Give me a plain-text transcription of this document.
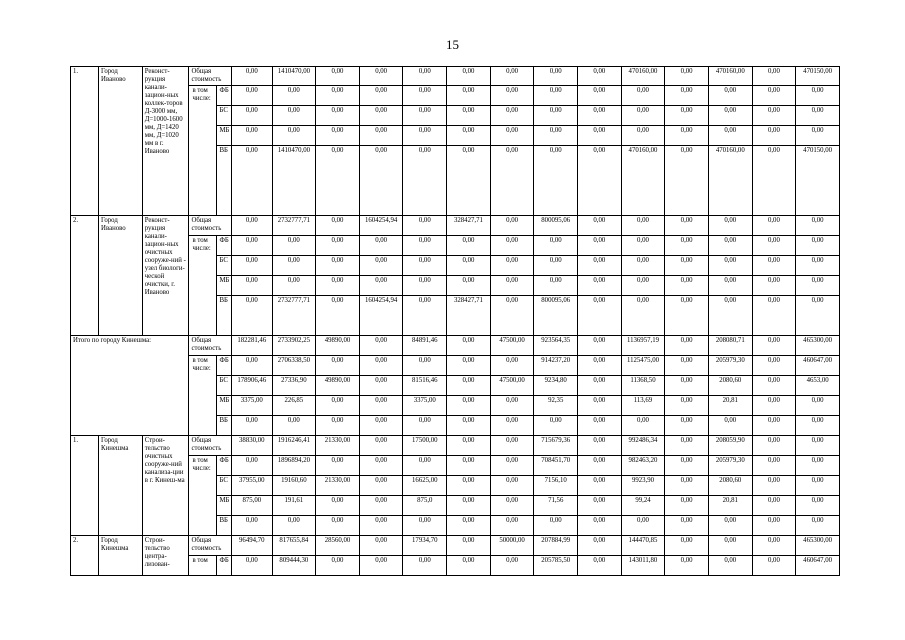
15
1.	Город Иваново	Реконст-рукция канали-зацион-ных коллек-торов Д-3000 мм, Д=1000-1600 мм, Д=1420 мм, Д=1020 мм в г. Иваново	Общая стоимость		0,00	1410470,00	0,00	0,00	0,00	0,00	0,00	0,00	0,00	470160,00	0,00	470160,00	0,00	470150,00
			в том числе:	ФБ	0,00	0,00	0,00	0,00	0,00	0,00	0,00	0,00	0,00	0,00	0,00	0,00	0,00	0,00
				БС	0,00	0,00	0,00	0,00	0,00	0,00	0,00	0,00	0,00	0,00	0,00	0,00	0,00	0,00
				МБ	0,00	0,00	0,00	0,00	0,00	0,00	0,00	0,00	0,00	0,00	0,00	0,00	0,00	0,00
				ВБ	0,00	1410470,00	0,00	0,00	0,00	0,00	0,00	0,00	0,00	470160,00	0,00	470160,00	0,00	470150,00
2.	Город Иваново	Реконст-рукция канали-зацион-ных очистных сооруже-ний - узел биологи-ческой очистки, г. Иваново	Общая стоимость		0,00	2732777,71	0,00	1604254,94	0,00	328427,71	0,00	800095,06	0,00	0,00	0,00	0,00	0,00	0,00
			в том числе:	ФБ	0,00	0,00	0,00	0,00	0,00	0,00	0,00	0,00	0,00	0,00	0,00	0,00	0,00	0,00
				БС	0,00	0,00	0,00	0,00	0,00	0,00	0,00	0,00	0,00	0,00	0,00	0,00	0,00	0,00
				МБ	0,00	0,00	0,00	0,00	0,00	0,00	0,00	0,00	0,00	0,00	0,00	0,00	0,00	0,00
				ВБ	0,00	2732777,71	0,00	1604254,94	0,00	328427,71	0,00	800095,06	0,00	0,00	0,00	0,00	0,00	0,00
Итого по городу Кинешма:			Общая стоимость		182281,46	2733902,25	49890,00	0,00	84891,46	0,00	47500,00	923564,35	0,00	1136957,19	0,00	208080,71	0,00	465300,00
			в том числе:	ФБ	0,00	2706338,50	0,00	0,00	0,00	0,00	0,00	914237,20	0,00	1125475,00	0,00	205979,30	0,00	460647,00
				БС	178906,46	27336,90	49890,00	0,00	81516,46	0,00	47500,00	9234,80	0,00	11368,50	0,00	2080,60	0,00	4653,00
				МБ	3375,00	226,85	0,00	0,00	3375,00	0,00	0,00	92,35	0,00	113,69	0,00	20,81	0,00	0,00
				ВБ	0,00	0,00	0,00	0,00	0,00	0,00	0,00	0,00	0,00	0,00	0,00	0,00	0,00	0,00
1.	Город Кинешма	Строи-тельство очистных сооруже-ний канализа-ции в г. Кинеш-ма	Общая стоимость		38830,00	1916246,41	21330,00	0,00	17500,00	0,00	0,00	715679,36	0,00	992486,34	0,00	208059,90	0,00	0,00
			в том числе:	ФБ	0,00	1896894,20	0,00	0,00	0,00	0,00	0,00	708451,70	0,00	982463,20	0,00	205979,30	0,00	0,00
				БС	37955,00	19160,60	21330,00	0,00	16625,00	0,00	0,00	7156,10	0,00	9923,90	0,00	2080,60	0,00	0,00
				МБ	875,00	191,61	0,00	0,00	875,0	0,00	0,00	71,56	0,00	99,24	0,00	20,81	0,00	0,00
				ВБ	0,00	0,00	0,00	0,00	0,00	0,00	0,00	0,00	0,00	0,00	0,00	0,00	0,00	0,00
2.	Город Кинешма	Строи-тельство центра-лизован-	Общая стоимость		96494,70	817655,84	28560,00	0,00	17934,70	0,00	50000,00	207884,99	0,00	144470,85	0,00	0,00	0,00	465300,00
			в том	ФБ	0,00	809444,30	0,00	0,00	0,00	0,00	0,00	205785,50	0,00	143011,80	0,00	0,00	0,00	460647,00
